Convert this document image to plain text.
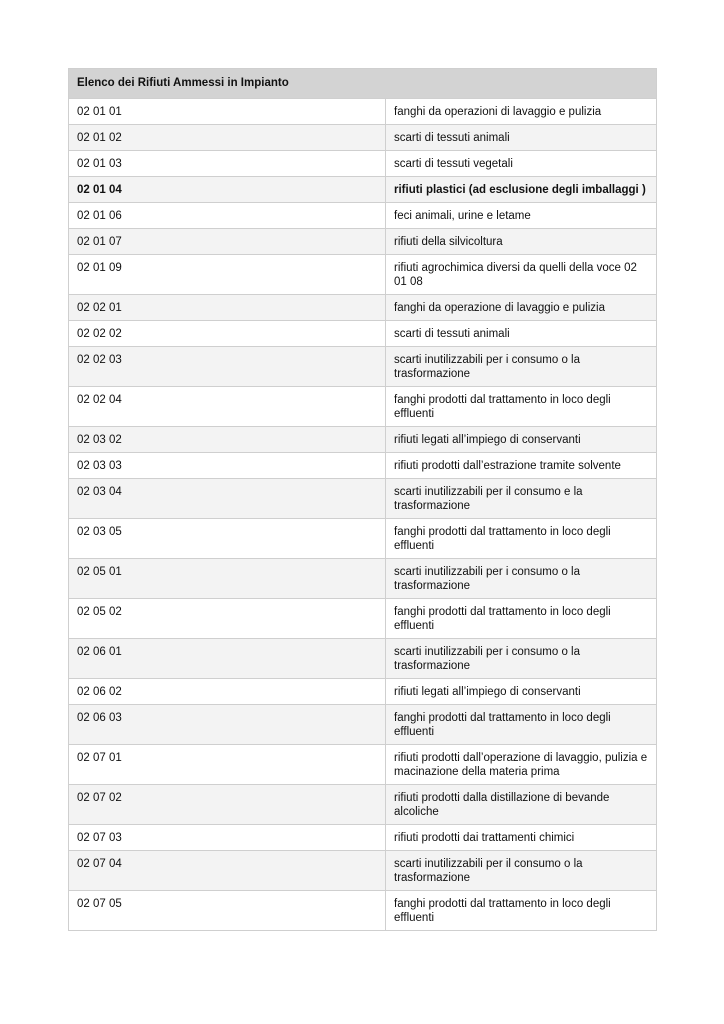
Elenco dei Rifiuti Ammessi in Impianto	
02 01 01	fanghi da operazioni di lavaggio e pulizia
02 01 02	scarti di tessuti animali
02 01 03	scarti di tessuti vegetali
02 01 04	rifiuti plastici (ad esclusione degli imballaggi )
02 01 06	feci animali, urine e letame
02 01 07	rifiuti della silvicoltura
02 01 09	rifiuti agrochimica diversi da quelli della voce 02 01 08
02 02 01	fanghi da operazione di lavaggio e pulizia
02 02 02	scarti di tessuti animali
02 02 03	scarti inutilizzabili per i consumo o la trasformazione
02 02 04	fanghi prodotti dal trattamento in loco degli effluenti
02 03 02	rifiuti legati all’impiego di conservanti
02 03 03	rifiuti prodotti dall’estrazione tramite solvente
02 03 04	scarti inutilizzabili per il consumo e la trasformazione
02 03 05	fanghi prodotti dal trattamento in loco degli effluenti
02 05 01	scarti inutilizzabili per i consumo o la trasformazione
02 05 02	fanghi prodotti dal trattamento in loco degli effluenti
02 06 01	scarti inutilizzabili per i consumo o la trasformazione
02 06 02	rifiuti legati all’impiego di conservanti
02 06 03	fanghi prodotti dal trattamento in loco degli effluenti
02 07 01	rifiuti prodotti dall’operazione di lavaggio, pulizia e macinazione della materia prima
02 07 02	rifiuti prodotti dalla distillazione di bevande alcoliche
02 07 03	rifiuti prodotti dai trattamenti chimici
02 07 04	scarti inutilizzabili per il consumo o la trasformazione
02 07 05	fanghi prodotti dal trattamento in loco degli effluenti
